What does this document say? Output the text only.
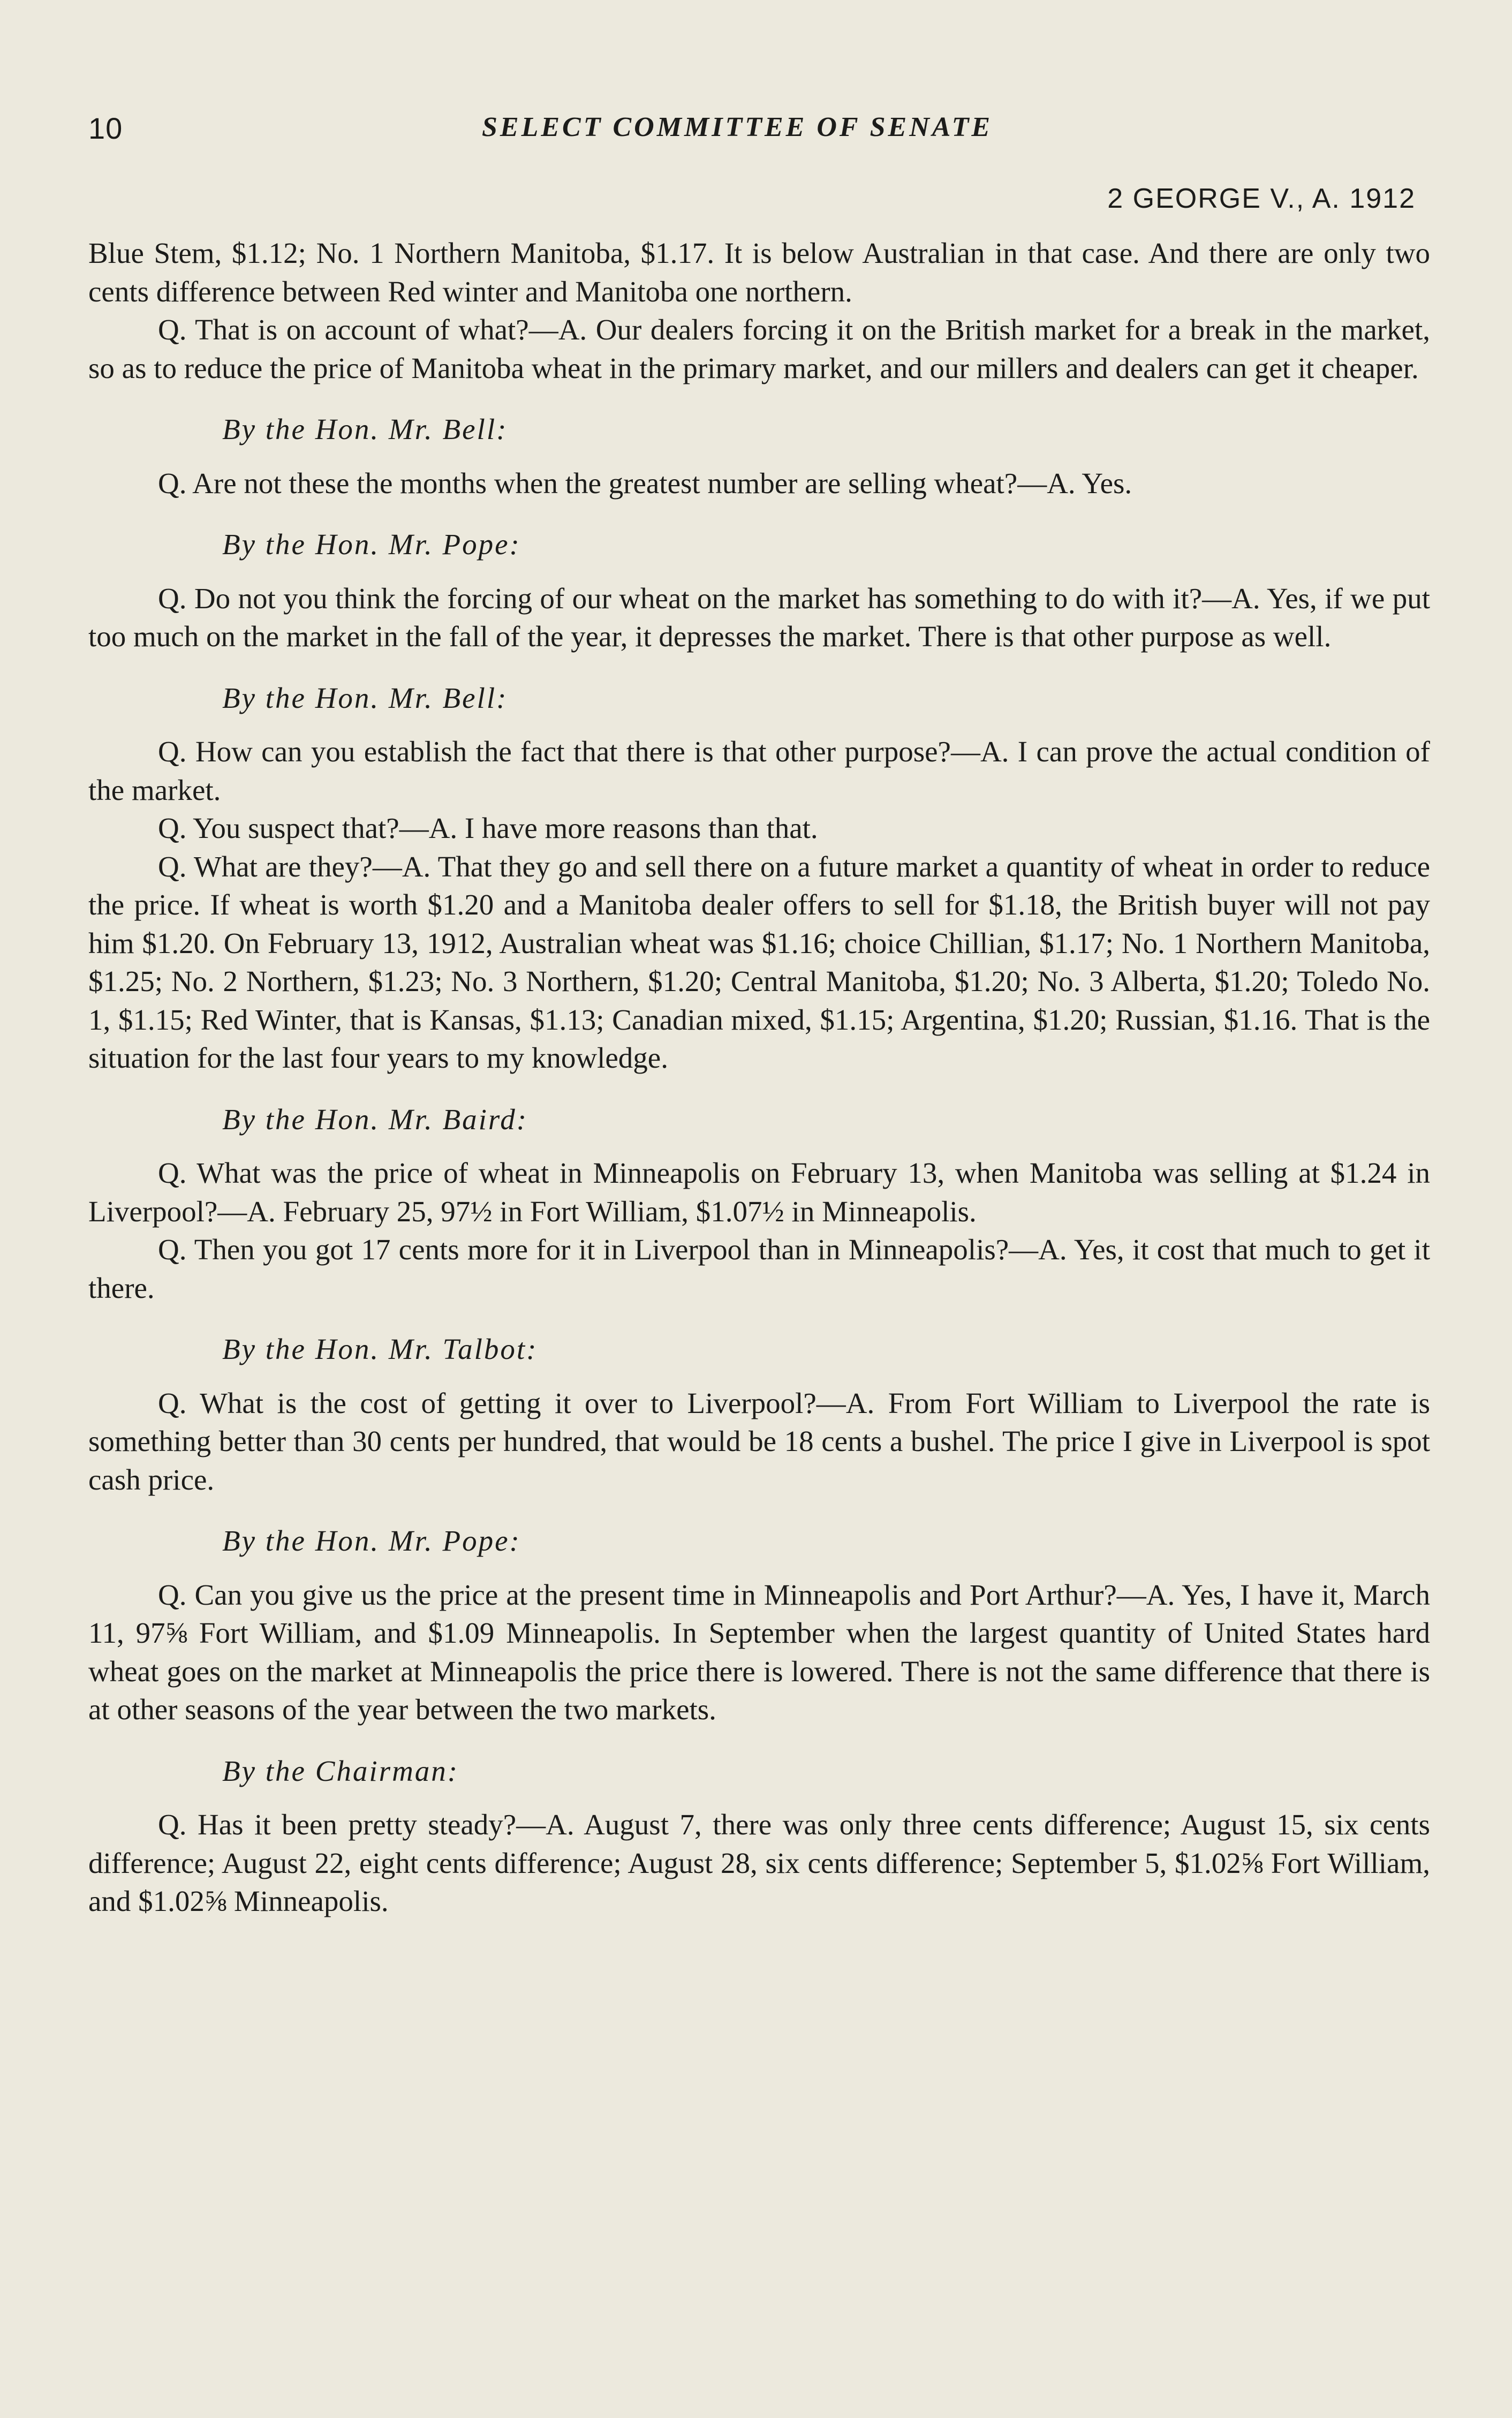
10	SELECT COMMITTEE OF SENATE
2 GEORGE V., A. 1912

Blue Stem, $1.12; No. 1 Northern Manitoba, $1.17. It is below Australian in that case. And there are only two cents difference between Red winter and Manitoba one northern.

Q. That is on account of what?—A. Our dealers forcing it on the British market for a break in the market, so as to reduce the price of Manitoba wheat in the primary market, and our millers and dealers can get it cheaper.

By the Hon. Mr. Bell:

Q. Are not these the months when the greatest number are selling wheat?—A. Yes.

By the Hon. Mr. Pope:

Q. Do not you think the forcing of our wheat on the market has something to do with it?—A. Yes, if we put too much on the market in the fall of the year, it depresses the market. There is that other purpose as well.

By the Hon. Mr. Bell:

Q. How can you establish the fact that there is that other purpose?—A. I can prove the actual condition of the market.

Q. You suspect that?—A. I have more reasons than that.

Q. What are they?—A. That they go and sell there on a future market a quantity of wheat in order to reduce the price. If wheat is worth $1.20 and a Manitoba dealer offers to sell for $1.18, the British buyer will not pay him $1.20. On February 13, 1912, Australian wheat was $1.16; choice Chillian, $1.17; No. 1 Northern Manitoba, $1.25; No. 2 Northern, $1.23; No. 3 Northern, $1.20; Central Manitoba, $1.20; No. 3 Alberta, $1.20; Toledo No. 1, $1.15; Red Winter, that is Kansas, $1.13; Canadian mixed, $1.15; Argentina, $1.20; Russian, $1.16. That is the situation for the last four years to my knowledge.

By the Hon. Mr. Baird:

Q. What was the price of wheat in Minneapolis on February 13, when Manitoba was selling at $1.24 in Liverpool?—A. February 25, 97½ in Fort William, $1.07½ in Minneapolis.

Q. Then you got 17 cents more for it in Liverpool than in Minneapolis?—A. Yes, it cost that much to get it there.

By the Hon. Mr. Talbot:

Q. What is the cost of getting it over to Liverpool?—A. From Fort William to Liverpool the rate is something better than 30 cents per hundred, that would be 18 cents a bushel. The price I give in Liverpool is spot cash price.

By the Hon. Mr. Pope:

Q. Can you give us the price at the present time in Minneapolis and Port Arthur?—A. Yes, I have it, March 11, 97⅝ Fort William, and $1.09 Minneapolis. In September when the largest quantity of United States hard wheat goes on the market at Minneapolis the price there is lowered. There is not the same difference that there is at other seasons of the year between the two markets.

By the Chairman:

Q. Has it been pretty steady?—A. August 7, there was only three cents difference; August 15, six cents difference; August 22, eight cents difference; August 28, six cents difference; September 5, $1.02⅝ Fort William, and $1.02⅝ Minneapolis.
